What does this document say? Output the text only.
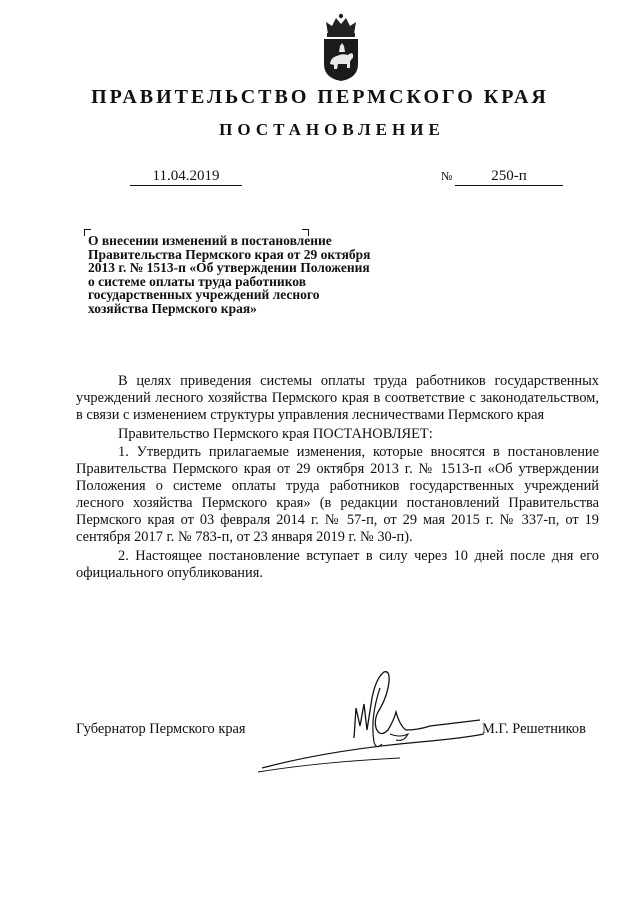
ПРАВИТЕЛЬСТВО ПЕРМСКОГО КРАЯ
ПОСТАНОВЛЕНИЕ
11.04.2019	№	250-п
О внесении изменений в постановление
Правительства Пермского края от 29 октября
2013 г. № 1513-п «Об утверждении Положения
о системе оплаты труда работников
государственных учреждений лесного
хозяйства Пермского края»

В целях приведения системы оплаты труда работников государственных учреждений лесного хозяйства Пермского края в соответствие с законодательством, в связи с изменением структуры управления лесничествами Пермского края

Правительство Пермского края ПОСТАНОВЛЯЕТ:

1. Утвердить прилагаемые изменения, которые вносятся в постановление Правительства Пермского края от 29 октября 2013 г. № 1513-п «Об утверждении Положения о системе оплаты труда работников государственных учреждений лесного хозяйства Пермского края» (в редакции постановлений Правительства Пермского края от 03 февраля 2014 г. № 57-п, от 29 мая 2015 г. № 337-п, от 19 сентября 2017 г. № 783-п, от 23 января 2019 г. № 30-п).

2. Настоящее постановление вступает в силу через 10 дней после дня его официального опубликования.

Губернатор Пермского края	М.Г. Решетников
